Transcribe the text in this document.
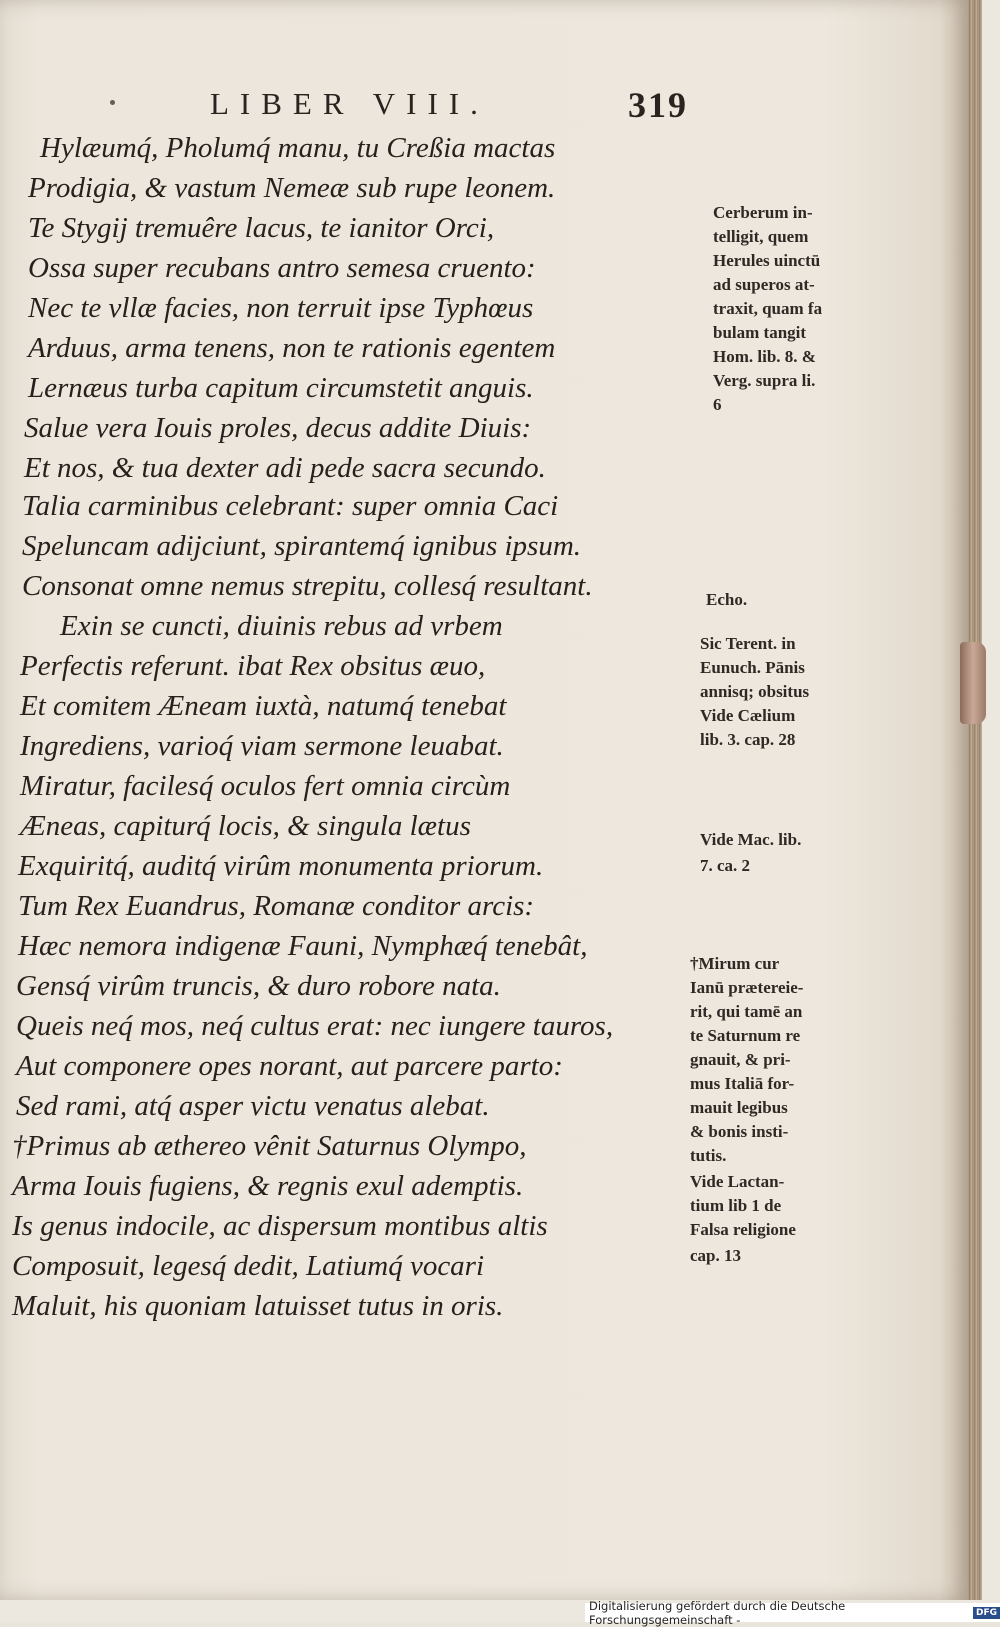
LIBER VIII.	319
Hylæumq́, Pholumq́ manu, tu Creßia mactas
Prodigia, & vastum Nemeæ sub rupe leonem.
Te Stygij tremuêre lacus, te ianitor Orci,
Ossa super recubans antro semesa cruento:
Nec te vllæ facies, non terruit ipse Typhœus
Arduus, arma tenens, non te rationis egentem
Lernæus turba capitum circumstetit anguis.
Salue vera Iouis proles, decus addite Diuis:
Et nos, & tua dexter adi pede sacra secundo.
Talia carminibus celebrant: super omnia Caci
Speluncam adijciunt, spirantemq́ ignibus ipsum.
Consonat omne nemus strepitu, collesq́ resultant.
Exin se cuncti, diuinis rebus ad vrbem
Perfectis referunt. ibat Rex obsitus æuo,
Et comitem Æneam iuxtà, natumq́ tenebat
Ingrediens, varioq́ viam sermone leuabat.
Miratur, facilesq́ oculos fert omnia circùm
Æneas, capiturq́ locis, & singula lætus
Exquiritq́, auditq́ virûm monumenta priorum.
Tum Rex Euandrus, Romanæ conditor arcis:
Hæc nemora indigenæ Fauni, Nymphæq́ tenebât,
Gensq́ virûm truncis, & duro robore nata.
Queis neq́ mos, neq́ cultus erat: nec iungere tauros,
Aut componere opes norant, aut parcere parto:
Sed rami, atq́ asper victu venatus alebat.
†Primus ab æthereo vênit Saturnus Olympo,
Arma Iouis fugiens, & regnis exul ademptis.
Is genus indocile, ac dispersum montibus altis
Composuit, legesq́ dedit, Latiumq́ vocari
Maluit, his quoniam latuisset tutus in oris.
Cerberum in-
telligit, quem
Herules uinctū
ad superos at-
traxit, quam fa
bulam tangit
Hom. lib. 8. &
Verg. supra li.
6
Echo.
Sic Terent. in
Eunuch. Pānis
annisq; obsitus
Vide Cælium
lib. 3. cap. 28
Vide Mac. lib.
7. ca. 2
†Mirum cur
Ianū prætereie-
rit, qui tamē an
te Saturnum re
gnauit, & pri-
mus Italiā for-
mauit legibus
& bonis insti-
tutis.
Vide Lactan-
tium lib 1 de
Falsa religione
cap. 13
Digitalisierung gefördert durch die Deutsche Forschungsgemeinschaft -	DFG
